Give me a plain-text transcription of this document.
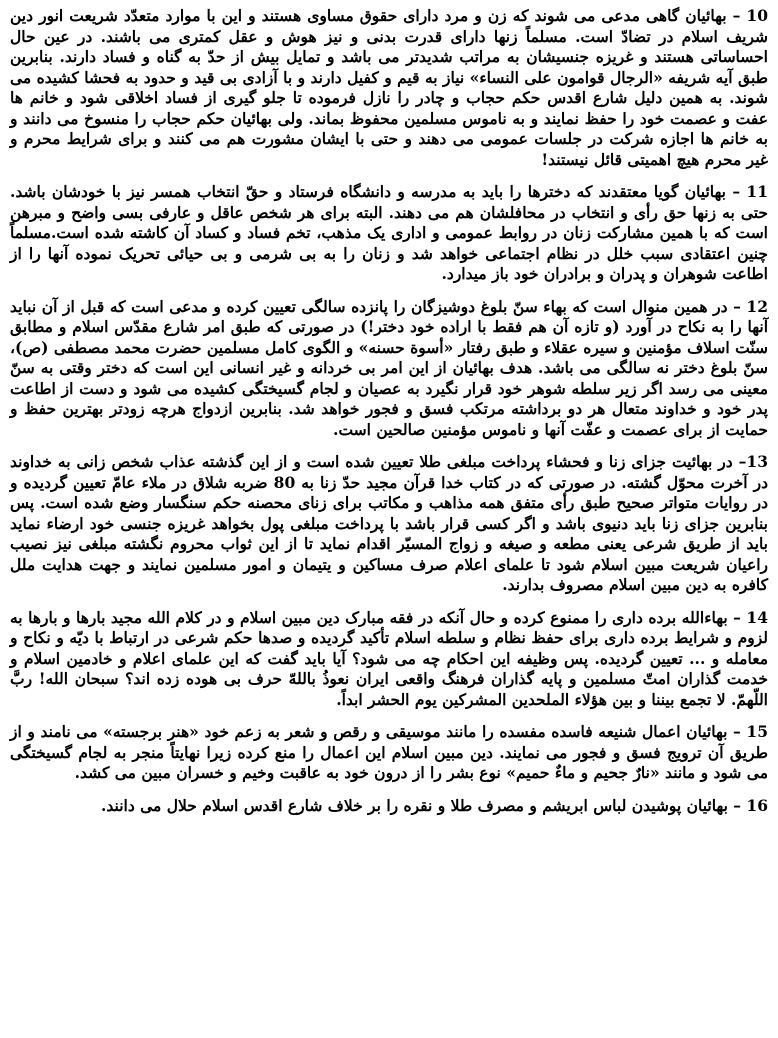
10 – بهائیان گاهی مدعی می شوند که زن و مرد دارای حقوق مساوی هستند و این با موارد متعدّد شریعت انور دین شریف اسلام در تضادّ است. مسلماً زنها دارای قدرت بدنی و نیز هوش و عقل کمتری می باشند. در عین حال احساساتی هستند و غریزه جنسیشان به مراتب شدیدتر می باشد و تمایل بیش از حدّ به گناه و فساد دارند. بنابرین طبق آیه شریفه «الرجال قوامون علی النساء» نیاز به قیم و کفیل دارند و با آزادی بی قید و حدود به فحشا کشیده می شوند. به همین دلیل شارع اقدس حکم حجاب و چادر را نازل فرموده تا جلو گیری از فساد اخلاقی شود و خانم ها عفت و عصمت خود را حفظ نمایند و به ناموس مسلمین محفوظ بماند. ولی بهائیان حکم حجاب را منسوخ می دانند و به خانم ها اجازه شرکت در جلسات عمومی می دهند و حتی با ایشان مشورت هم می کنند و برای شرایط محرم و غیر محرم هیچ اهمیتی قائل نیستند!

11 – بهائیان گویا معتقدند که دخترها را باید به مدرسه و دانشگاه فرستاد و حقّ انتخاب همسر نیز با خودشان باشد. حتی به زنها حق رأی و انتخاب در محافلشان هم می دهند. البته برای هر شخص عاقل و عارفی بسی واضح و مبرهن است که با همین مشارکت زنان در روابط عمومی و اداری یک مذهب، تخم فساد و کساد آن کاشته شده است.مسلماً چنین اعتقادی سبب خلل در نظام اجتماعی خواهد شد و زنان را به بی شرمی و بی حیائی تحریک نموده آنها را از اطاعت شوهران و پدران و برادران خود باز میدارد.

12 – در همین منوال است که بهاء سنّ بلوغ دوشیزگان را پانزده سالگی تعیین کرده و مدعی است که قبل از آن نباید آنها را به نکاح در آورد (و تازه آن هم فقط با اراده خود دختر!) در صورتی که طبق امر شارع مقدّس اسلام و مطابق سنّت اسلاف مؤمنین و سیره عقلاء و طبق رفتار «أسوة حسنه» و الگوی کامل مسلمین حضرت محمد مصطفی (ص)، سنّ بلوغ دختر نه سالگی می باشد. هدف بهائیان از این امر بی خردانه و غیر انسانی این است که دختر وقتی به سنّ معینی می رسد اگر زیر سلطه شوهر خود قرار نگیرد به عصیان و لجام گسیختگی کشیده می شود و دست از اطاعت پدر خود و خداوند متعال هر دو برداشته مرتکب فسق و فجور خواهد شد. بنابرین ازدواج هرچه زودتر بهترین حفظ و حمایت از برای عصمت و عفّت آنها و ناموس مؤمنین صالحین است.

13– در بهائیت جزای زنا و فحشاء پرداخت مبلغی طلا تعیین شده است و از این گذشته عذاب شخص زانی به خداوند در آخرت محوّل گشته. در صورتی که در کتاب خدا قرآن مجید حدّ زنا به 80 ضربه شلاق در ملاء عامّ تعیین گردیده و در روایات متواتر صحیح طبق رأی متفق همه مذاهب و مکاتب برای زنای محصنه حکم سنگسار وضع شده است. پس بنابرین جزای زنا باید دنیوی باشد و اگر کسی قرار باشد با پرداخت مبلغی پول بخواهد غریزه جنسی خود ارضاء نماید باید از طریق شرعی یعنی مطعه و صیغه و زواج المسیّر اقدام نماید تا از این ثواب محروم نگشته مبلغی نیز نصیب راعیان شریعت مبین اسلام شود تا علمای اعلام صرف مساکین و یتیمان و امور مسلمین نمایند و جهت هدایت ملل کافره به دین مبین اسلام مصروف بدارند.

14 – بهاءالله برده داری را ممنوع کرده و حال آنکه در فقه مبارک دین مبین اسلام و در کلام الله مجید بارها و بارها به لزوم و شرایط برده داری برای حفظ نظام و سلطه اسلام تأکید گردیده و صدها حکم شرعی در ارتباط با دیّه و نکاح و معامله و ... تعیین گردیده. پس وظیفه این احکام چه می شود؟ آیا باید گفت که این علمای اعلام و خادمین اسلام و خدمت گذاران امتّ مسلمین و پایه گذاران فرهنگ واقعی ایران نعوذُ باللهّ حرف بی هوده زده اند؟ سبحان الله! ربَّ اللّهمّ. لا تجمع بیننا و بین هؤلاء الملحدین المشرکین یوم الحشر ابداً.

15 – بهائیان اعمال شنیعه فاسده مفسده را مانند موسیقی و رقص و شعر به زعم خود «هنر برجسته» می نامند و از طریق آن ترویج فسق و فجور می نمایند. دین مبین اسلام این اعمال را منع کرده زیرا نهایتاً منجر به لجام گسیختگی می شود و مانند «نارٌ جحیم و ماءٌ حمیم» نوع بشر را از درون خود به عاقبت وخیم و خسران مبین می کشد.

16 – بهائیان پوشیدن لباس ابریشم و مصرف طلا و نقره را بر خلاف شارع اقدس اسلام حلال می دانند.
